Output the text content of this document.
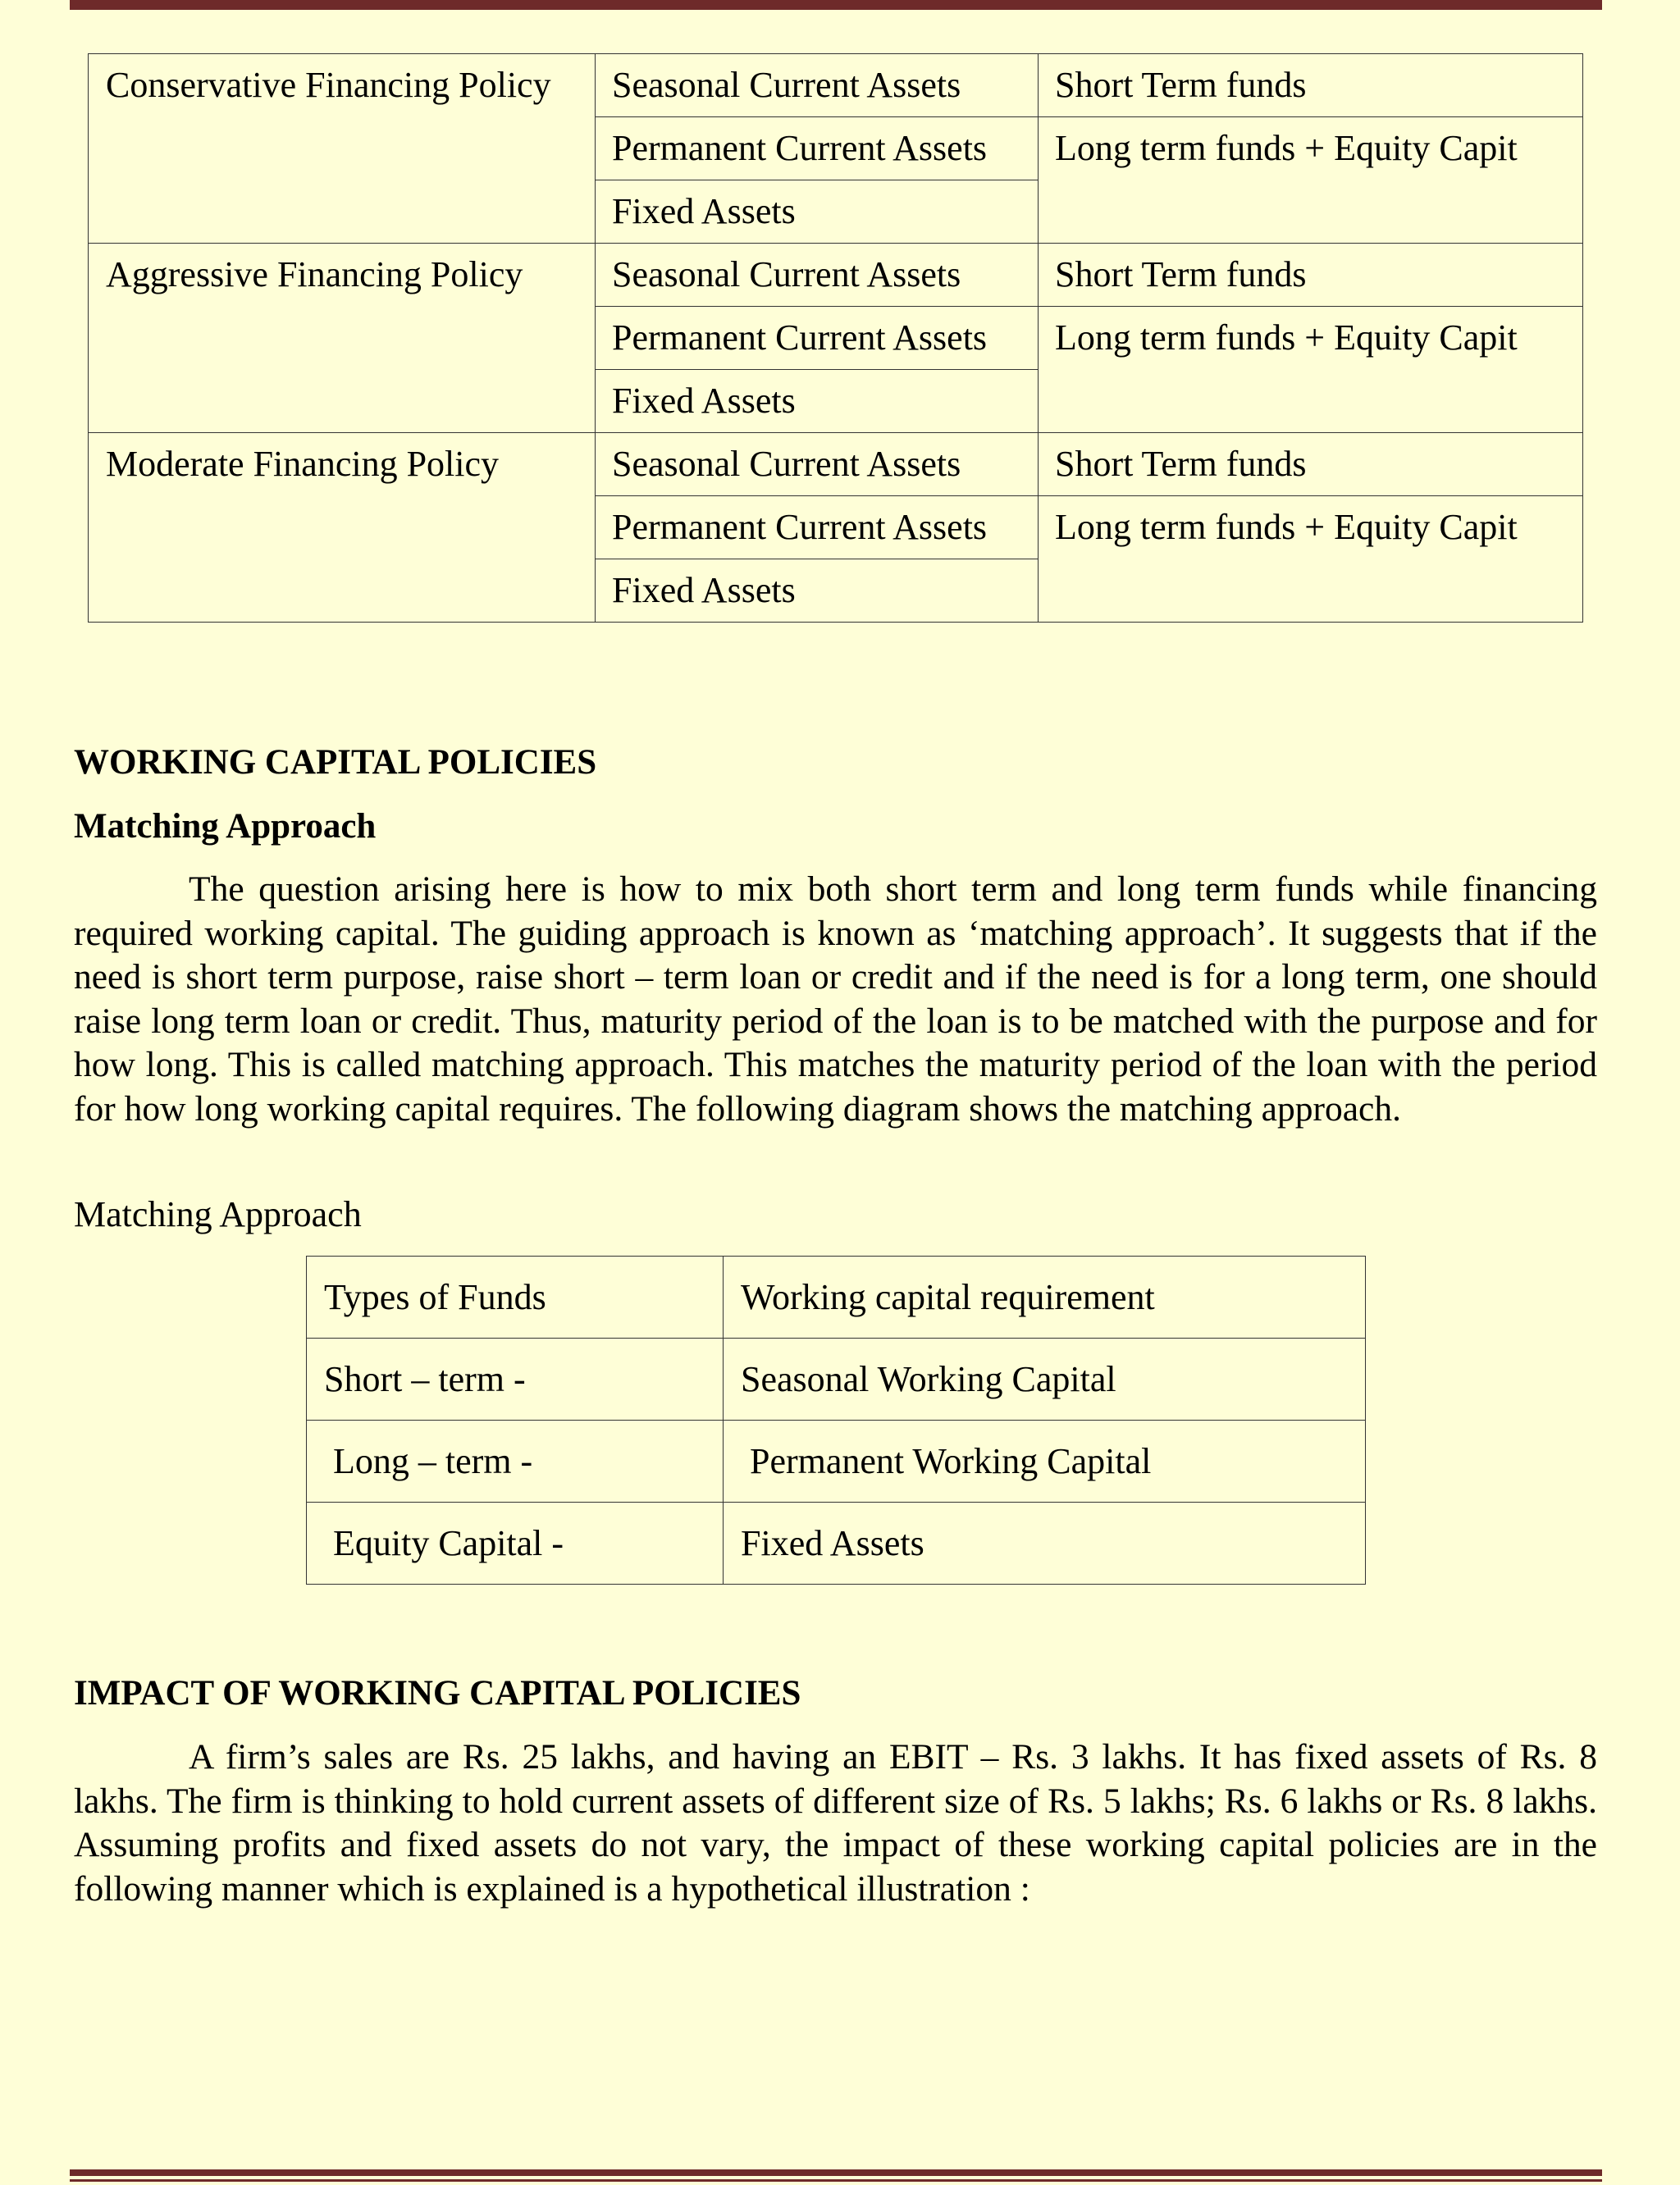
Conservative Financing Policy	Seasonal Current Assets	Short Term funds
	Permanent Current Assets	Long term funds + Equity Capit
	Fixed Assets	
Aggressive Financing Policy	Seasonal Current Assets	Short Term funds
	Permanent Current Assets	Long term funds + Equity Capit
	Fixed Assets	
Moderate Financing Policy	Seasonal Current Assets	Short Term funds
	Permanent Current Assets	Long term funds + Equity Capit
	Fixed Assets	
WORKING CAPITAL POLICIES
Matching Approach
The question arising here is how to mix both short term and long term funds while financing required working capital. The guiding approach is known as ‘matching approach’. It suggests that if the need is short term purpose, raise short – term loan or credit and if the need is for a long term, one should raise long term loan or credit. Thus, maturity period of the loan is to be matched with the purpose and for how long. This is called matching approach. This matches the maturity period of the loan with the period for how long working capital requires. The following diagram shows the matching approach.
Matching Approach
Types of Funds	Working capital requirement
Short – term -	Seasonal Working Capital
Long – term -	Permanent Working Capital
Equity Capital -	Fixed Assets
IMPACT OF WORKING CAPITAL POLICIES
A firm’s sales are Rs. 25 lakhs, and having an EBIT – Rs. 3 lakhs. It has fixed assets of Rs. 8 lakhs. The firm is thinking to hold current assets of different size of Rs. 5 lakhs; Rs. 6 lakhs or Rs. 8 lakhs. Assuming profits and fixed assets do not vary, the impact of these working capital policies are in the following manner which is explained is a hypothetical illustration :
